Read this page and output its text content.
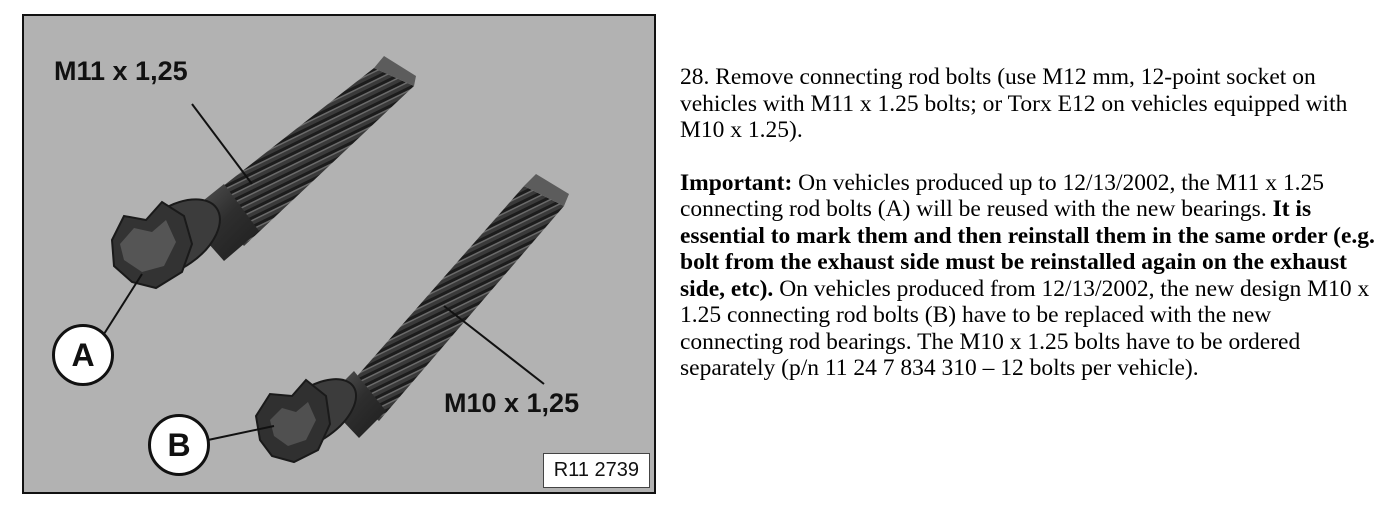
M11 x 1,25
M10 x 1,25
A
B
R11 2739

28. Remove connecting rod bolts (use M12 mm, 12-point socket on vehicles with M11 x 1.25 bolts; or Torx E12 on vehicles equipped with M10 x 1.25).

Important: On vehicles produced up to 12/13/2002, the M11 x 1.25 connecting rod bolts (A) will be reused with the new bearings. It is essential to mark them and then reinstall them in the same order (e.g. bolt from the exhaust side must be reinstalled again on the exhaust side, etc). On vehicles produced from 12/13/2002, the new design M10 x 1.25 connecting rod bolts (B) have to be replaced with the new connecting rod bearings. The M10 x 1.25 bolts have to be ordered separately (p/n 11 24 7 834 310 – 12 bolts per vehicle).
